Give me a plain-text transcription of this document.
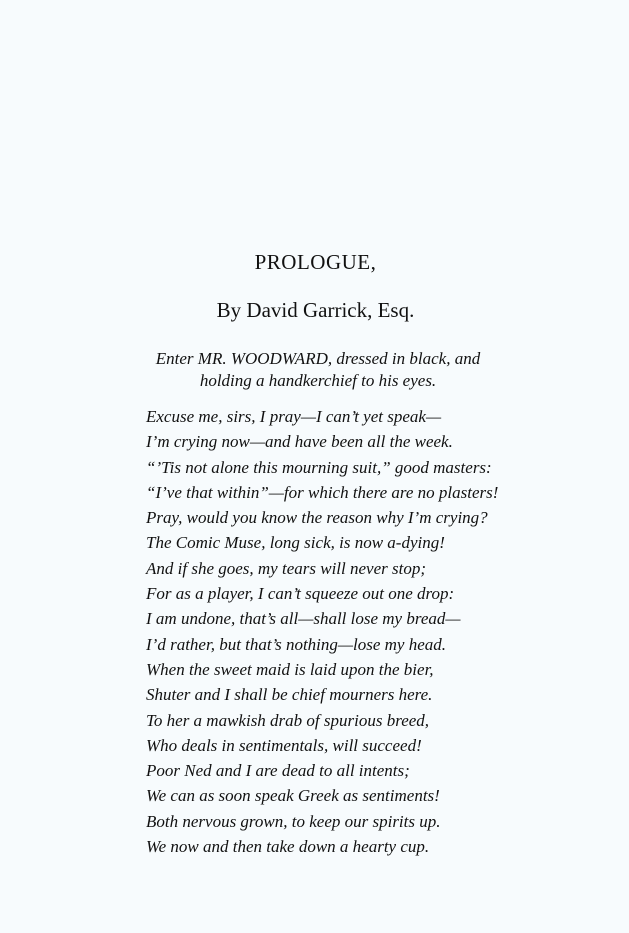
PROLOGUE,
By David Garrick, Esq.
Enter MR. WOODWARD, dressed in black, and holding a handkerchief to his eyes.
Excuse me, sirs, I pray—I can’t yet speak—
I’m crying now—and have been all the week.
“’Tis not alone this mourning suit,” good masters:
“I’ve that within”—for which there are no plasters!
Pray, would you know the reason why I’m crying?
The Comic Muse, long sick, is now a-dying!
And if she goes, my tears will never stop;
For as a player, I can’t squeeze out one drop:
I am undone, that’s all—shall lose my bread—
I’d rather, but that’s nothing—lose my head.
When the sweet maid is laid upon the bier,
Shuter and I shall be chief mourners here.
To her a mawkish drab of spurious breed,
Who deals in sentimentals, will succeed!
Poor Ned and I are dead to all intents;
We can as soon speak Greek as sentiments!
Both nervous grown, to keep our spirits up.
We now and then take down a hearty cup.
